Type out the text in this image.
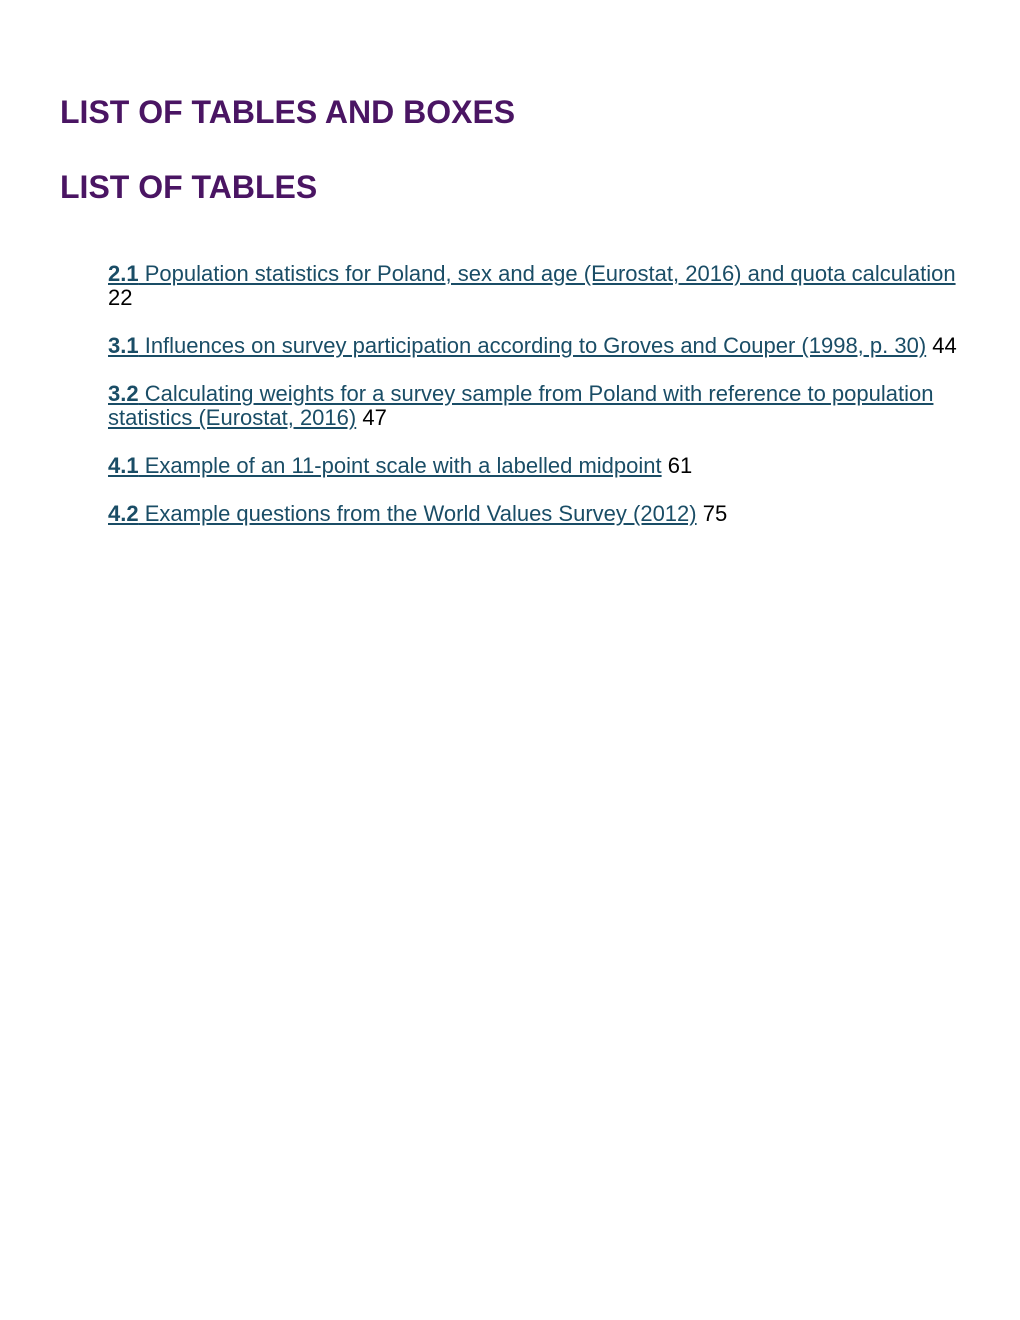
LIST OF TABLES AND BOXES
LIST OF TABLES

2.1 Population statistics for Poland, sex and age (Eurostat, 2016) and quota calculation 22

3.1 Influences on survey participation according to Groves and Couper (1998, p. 30) 44

3.2 Calculating weights for a survey sample from Poland with reference to population statistics (Eurostat, 2016) 47

4.1 Example of an 11-point scale with a labelled midpoint 61

4.2 Example questions from the World Values Survey (2012) 75
